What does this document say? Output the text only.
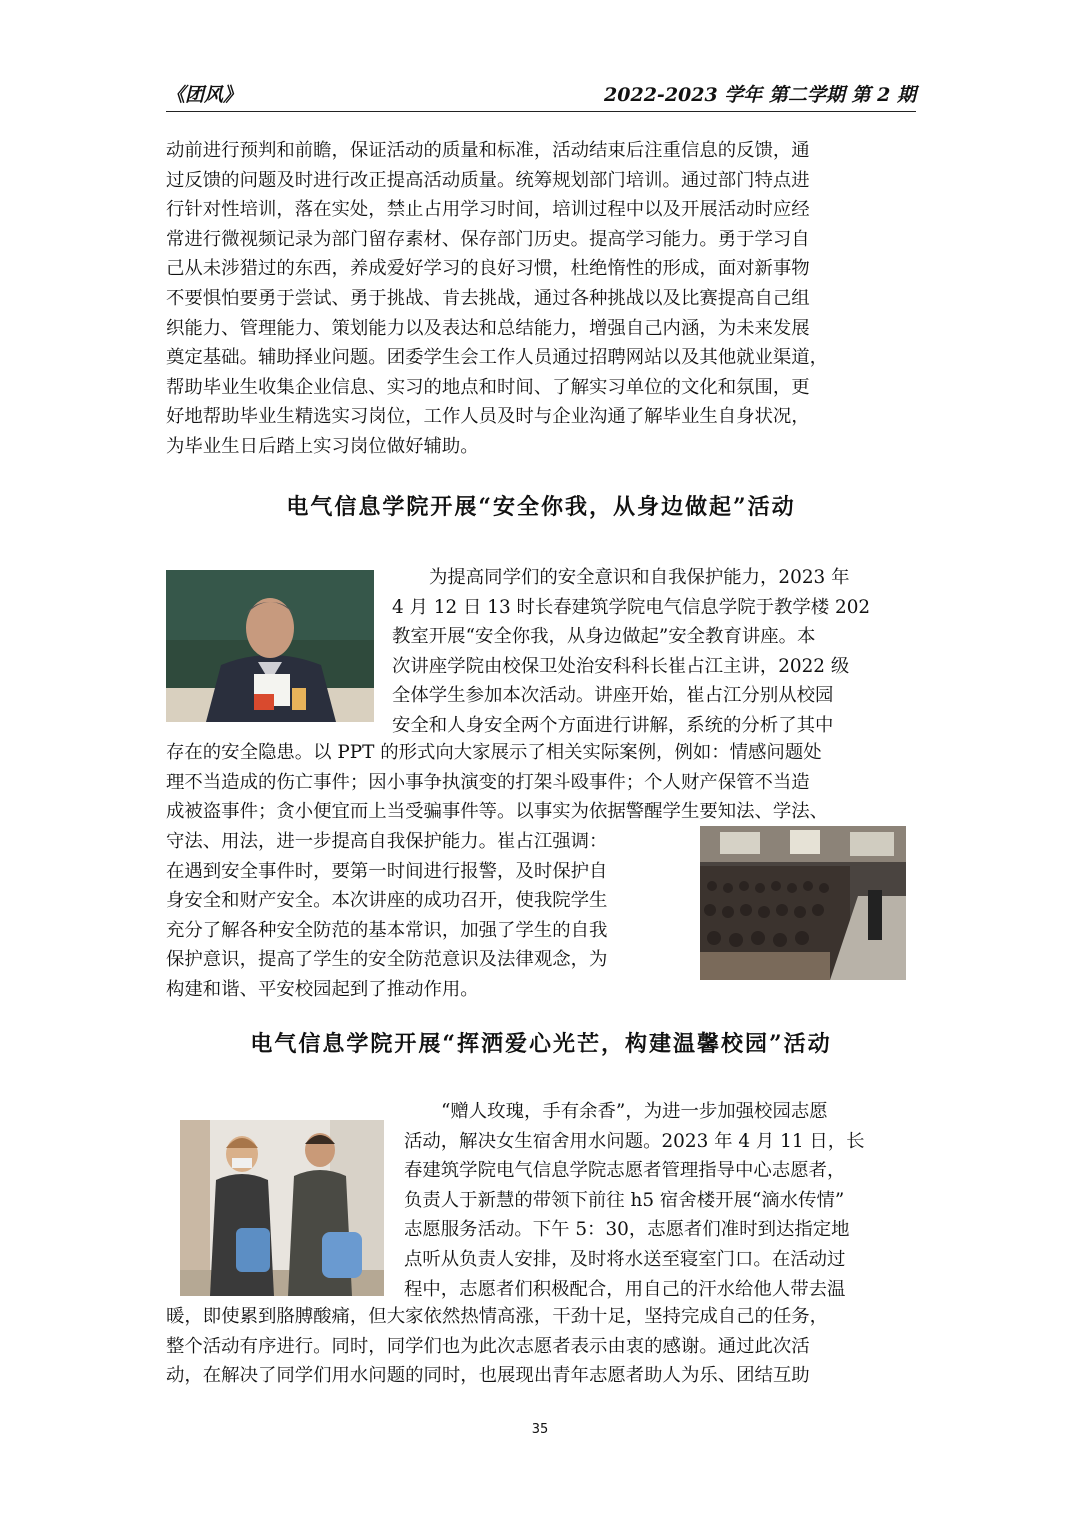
《团风》	2022-2023 学年 第二学期 第 2 期
动前进行预判和前瞻，保证活动的质量和标准，活动结束后注重信息的反馈，通
过反馈的问题及时进行改正提高活动质量。统筹规划部门培训。通过部门特点进
行针对性培训，落在实处，禁止占用学习时间，培训过程中以及开展活动时应经
常进行微视频记录为部门留存素材、保存部门历史。提高学习能力。勇于学习自
己从未涉猎过的东西，养成爱好学习的良好习惯，杜绝惰性的形成，面对新事物
不要惧怕要勇于尝试、勇于挑战、肯去挑战，通过各种挑战以及比赛提高自己组
织能力、管理能力、策划能力以及表达和总结能力，增强自己内涵，为未来发展
奠定基础。辅助择业问题。团委学生会工作人员通过招聘网站以及其他就业渠道，
帮助毕业生收集企业信息、实习的地点和时间、了解实习单位的文化和氛围，更
好地帮助毕业生精选实习岗位，工作人员及时与企业沟通了解毕业生自身状况，
为毕业生日后踏上实习岗位做好辅助。
电气信息学院开展“安全你我，从身边做起”活动
为提高同学们的安全意识和自我保护能力，2023 年
4 月 12 日 13 时长春建筑学院电气信息学院于教学楼 202
教室开展“安全你我，从身边做起”安全教育讲座。本
次讲座学院由校保卫处治安科科长崔占江主讲，2022 级
全体学生参加本次活动。讲座开始，崔占江分别从校园
安全和人身安全两个方面进行讲解，系统的分析了其中
存在的安全隐患。以 PPT 的形式向大家展示了相关实际案例，例如：情感问题处
理不当造成的伤亡事件；因小事争执演变的打架斗殴事件；个人财产保管不当造
成被盗事件；贪小便宜而上当受骗事件等。以事实为依据警醒学生要知法、学法、
守法、用法，进一步提高自我保护能力。崔占江强调：
在遇到安全事件时，要第一时间进行报警，及时保护自
身安全和财产安全。本次讲座的成功召开，使我院学生
充分了解各种安全防范的基本常识，加强了学生的自我
保护意识，提高了学生的安全防范意识及法律观念，为
构建和谐、平安校园起到了推动作用。
电气信息学院开展“挥洒爱心光芒，构建温馨校园”活动
“赠人玫瑰，手有余香”，为进一步加强校园志愿
活动，解决女生宿舍用水问题。2023 年 4 月 11 日，长
春建筑学院电气信息学院志愿者管理指导中心志愿者，
负责人于新慧的带领下前往 h5 宿舍楼开展“滴水传情”
志愿服务活动。下午 5：30，志愿者们准时到达指定地
点听从负责人安排，及时将水送至寝室门口。在活动过
程中，志愿者们积极配合，用自己的汗水给他人带去温
暖，即使累到胳膊酸痛，但大家依然热情高涨，干劲十足，坚持完成自己的任务，
整个活动有序进行。同时，同学们也为此次志愿者表示由衷的感谢。通过此次活
动，在解决了同学们用水问题的同时，也展现出青年志愿者助人为乐、团结互助
35
